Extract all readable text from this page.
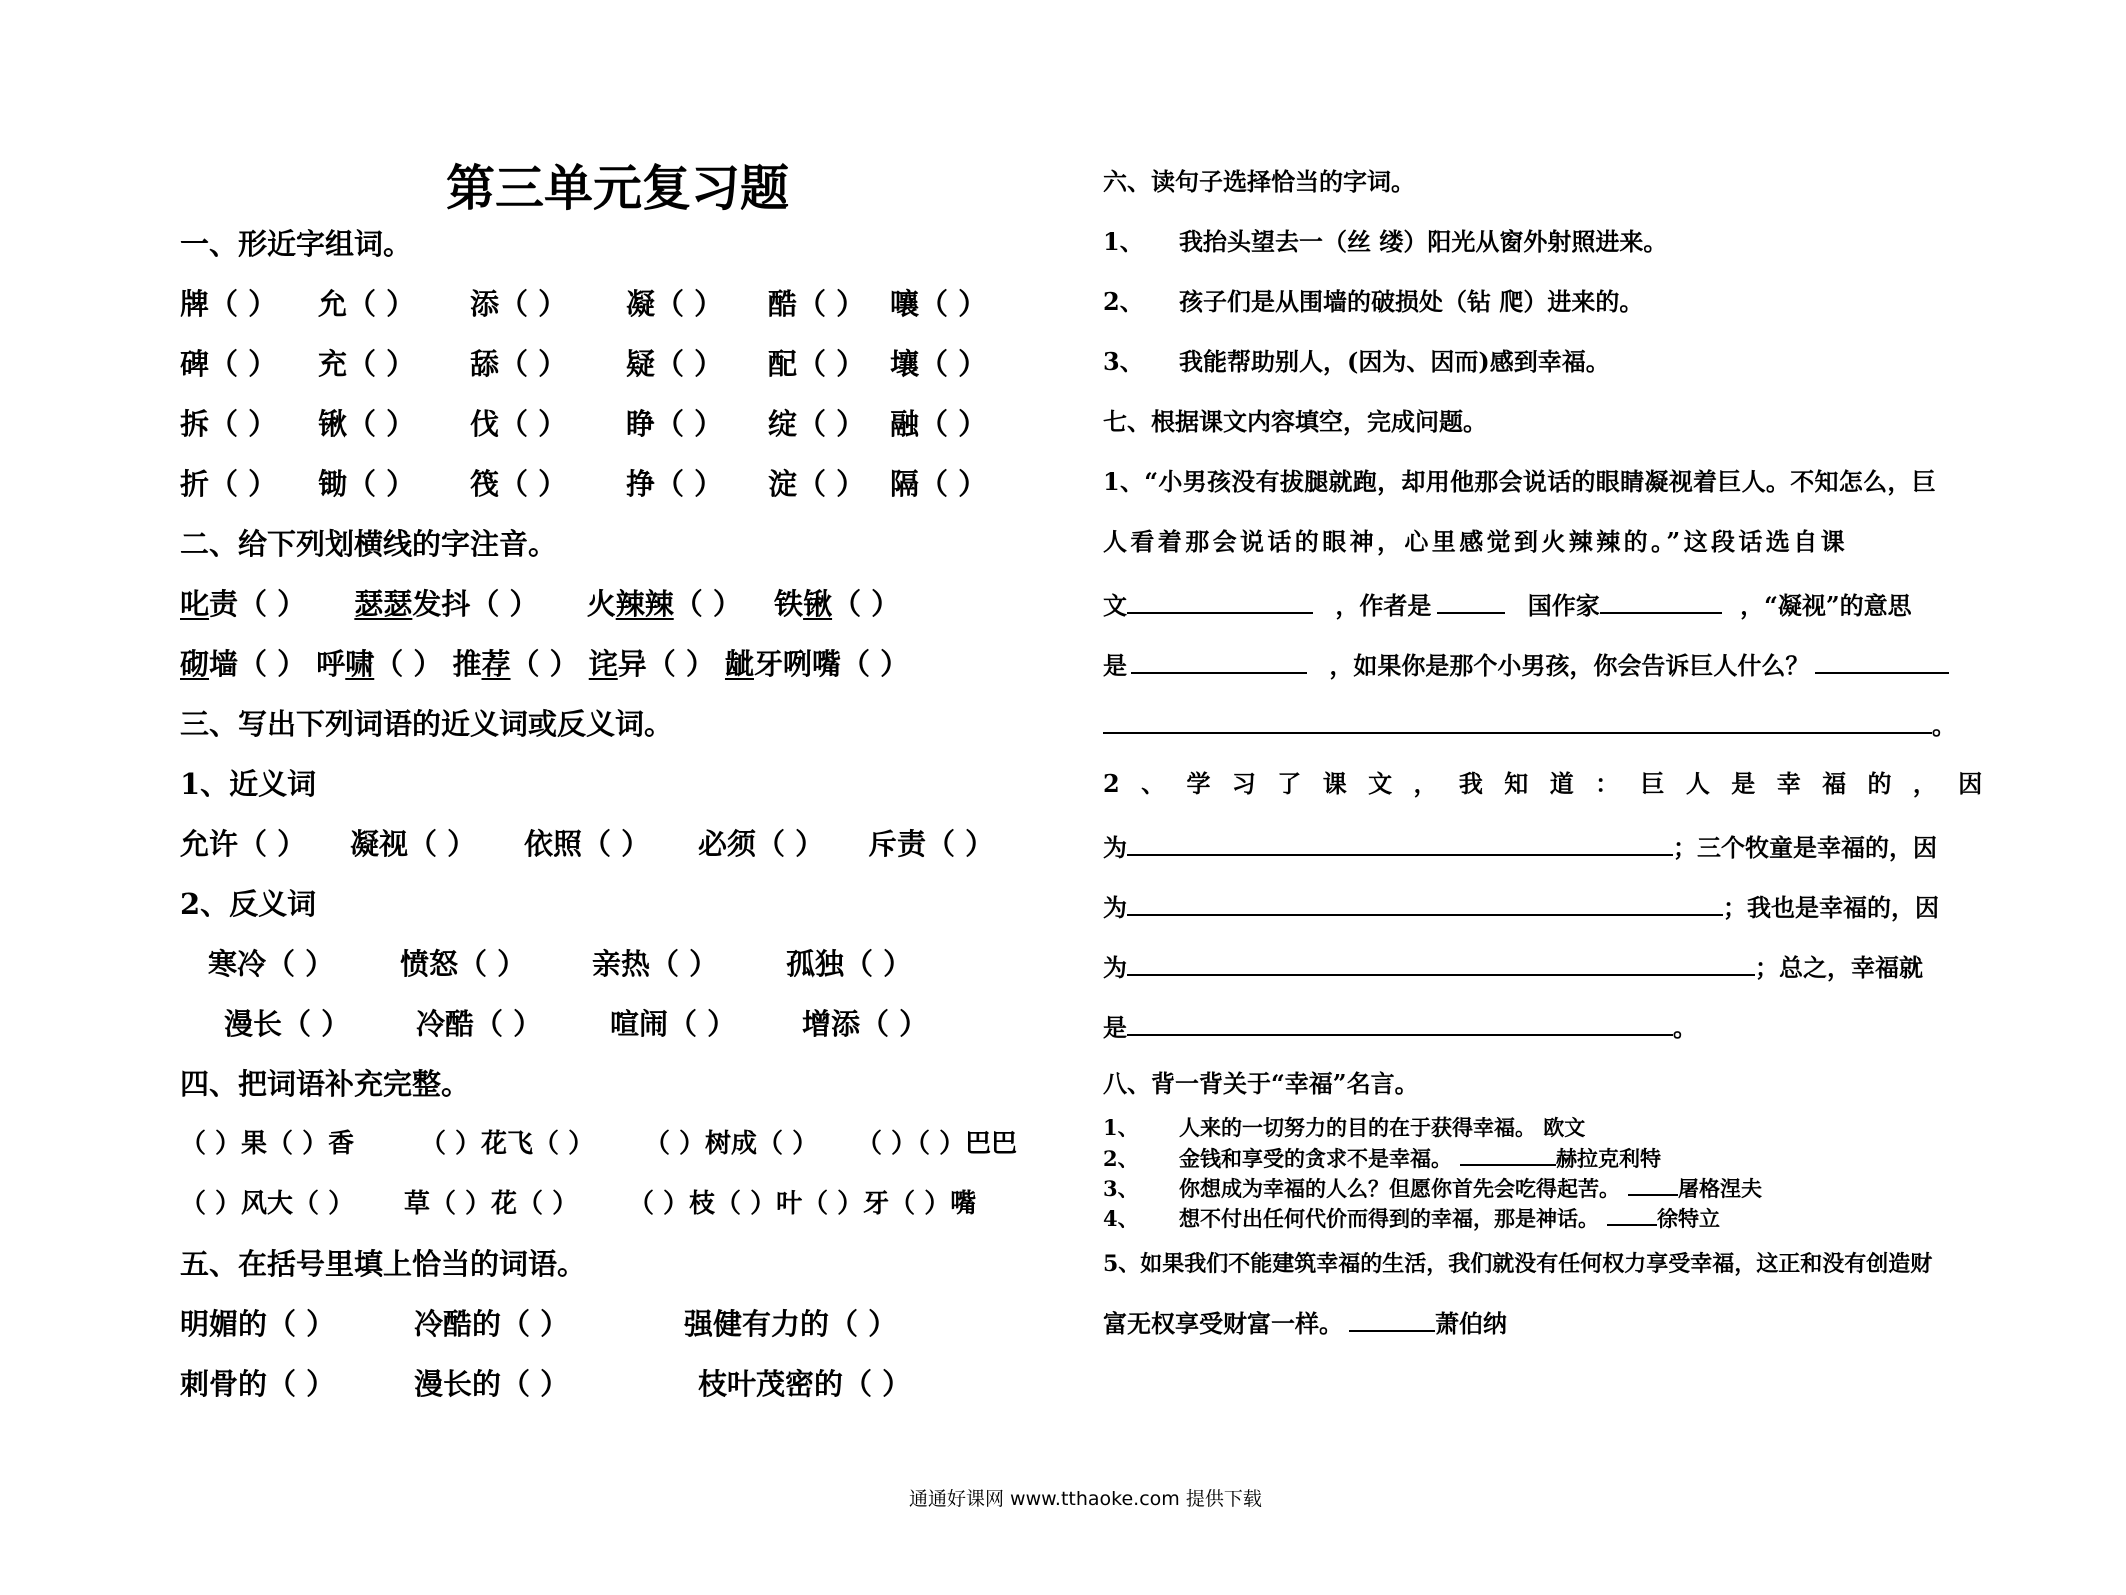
第三单元复习题
一、形近字组词。
牌（ ） 允（ ） 添（ ） 凝（ ） 酷（ ） 嚷（ ）
碑（ ） 充（ ） 舔（ ） 疑（ ） 配（ ） 壤（ ）
拆（ ） 锹（ ） 伐（ ） 睁（ ） 绽（ ） 融（ ）
折（ ） 锄（ ） 筏（ ） 挣（ ） 淀（ ） 隔（ ）
二、给下列划横线的字注音。
叱责（ ） 瑟瑟发抖（ ） 火辣辣（ ） 铁锹（ ）
砌墙（ ） 呼啸（ ） 推荐（ ） 诧异（ ） 龇牙咧嘴（ ）
三、写出下列词语的近义词或反义词。
1、近义词
允许（ ） 凝视（ ） 依照（ ） 必须（ ） 斥责（ ）
2、反义词
寒冷（ ） 愤怒（ ） 亲热（ ） 孤独（ ）
漫长（ ） 冷酷（ ） 喧闹（ ） 增添（ ）
四、把词语补充完整。
（ ）果（ ）香	（ ）花飞（ ） （ ）树成（ ） （ ）（ ）巴巴
（ ）风大（ ） 草（ ）花（ ） （ ）枝（ ）叶（ ）牙（ ）嘴
五、在括号里填上恰当的词语。
明媚的（ ）	冷酷的（ ）	强健有力的（ ）
刺骨的（ ）	漫长的（ ）	枝叶茂密的（ ）
六、读句子选择恰当的字词。
1、 我抬头望去一（丝 缕）阳光从窗外射照进来。
2、 孩子们是从围墙的破损处（钻 爬）进来的。
3、 我能帮助别人，(因为、因而)感到幸福。
七、根据课文内容填空，完成问题。
1、“小男孩没有拔腿就跑，却用他那会说话的眼睛凝视着巨人。不知怎么，巨
人看着那会说话的眼神，心里感觉到火辣辣的。”这段话选自课
文	，作者是	国作家	，“凝视”的意思
是	，如果你是那个小男孩，你会告诉巨人什么？
。
2、学习了课文，我知道：巨人是幸福的，因
为	；三个牧童是幸福的，因
为	；我也是幸福的，因
为	；总之，幸福就
是	。
八、背一背关于“幸福”名言。
1、 人来的一切努力的目的在于获得幸福。 欧文
2、 金钱和享受的贪求不是幸福。	赫拉克利特
3、 你想成为幸福的人么？但愿你首先会吃得起苦。	屠格涅夫
4、 想不付出任何代价而得到的幸福，那是神话。	徐特立
5、如果我们不能建筑幸福的生活，我们就没有任何权力享受幸福，这正和没有创造财
富无权享受财富一样。	萧伯纳
通通好课网 www.tthaoke.com 提供下载
